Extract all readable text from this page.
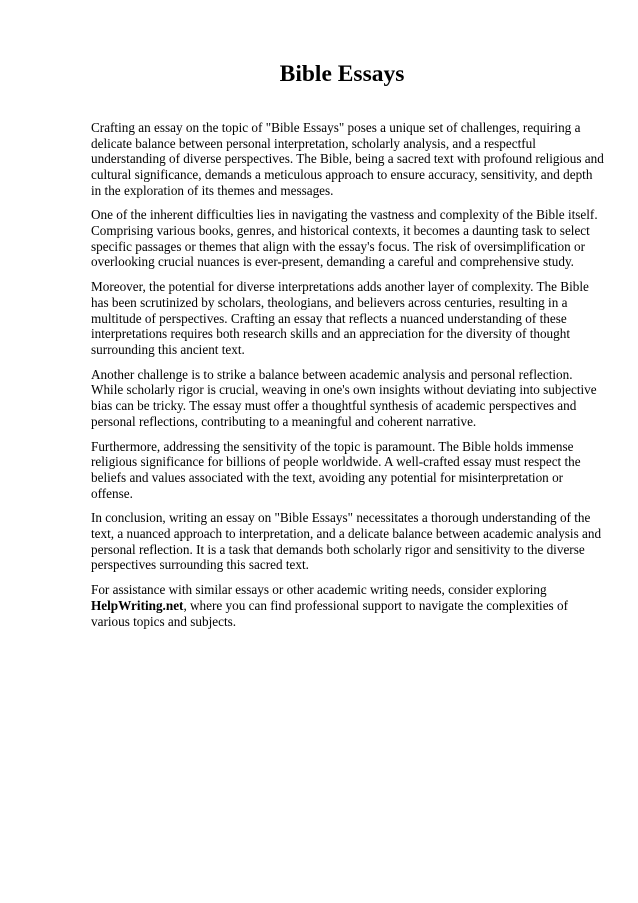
Bible Essays

Crafting an essay on the topic of "Bible Essays" poses a unique set of challenges, requiring a
delicate balance between personal interpretation, scholarly analysis, and a respectful
understanding of diverse perspectives. The Bible, being a sacred text with profound religious and
cultural significance, demands a meticulous approach to ensure accuracy, sensitivity, and depth
in the exploration of its themes and messages.

One of the inherent difficulties lies in navigating the vastness and complexity of the Bible itself.
Comprising various books, genres, and historical contexts, it becomes a daunting task to select
specific passages or themes that align with the essay's focus. The risk of oversimplification or
overlooking crucial nuances is ever-present, demanding a careful and comprehensive study.

Moreover, the potential for diverse interpretations adds another layer of complexity. The Bible
has been scrutinized by scholars, theologians, and believers across centuries, resulting in a
multitude of perspectives. Crafting an essay that reflects a nuanced understanding of these
interpretations requires both research skills and an appreciation for the diversity of thought
surrounding this ancient text.

Another challenge is to strike a balance between academic analysis and personal reflection.
While scholarly rigor is crucial, weaving in one's own insights without deviating into subjective
bias can be tricky. The essay must offer a thoughtful synthesis of academic perspectives and
personal reflections, contributing to a meaningful and coherent narrative.

Furthermore, addressing the sensitivity of the topic is paramount. The Bible holds immense
religious significance for billions of people worldwide. A well-crafted essay must respect the
beliefs and values associated with the text, avoiding any potential for misinterpretation or
offense.

In conclusion, writing an essay on "Bible Essays" necessitates a thorough understanding of the
text, a nuanced approach to interpretation, and a delicate balance between academic analysis and
personal reflection. It is a task that demands both scholarly rigor and sensitivity to the diverse
perspectives surrounding this sacred text.

For assistance with similar essays or other academic writing needs, consider exploring
HelpWriting.net, where you can find professional support to navigate the complexities of
various topics and subjects.
